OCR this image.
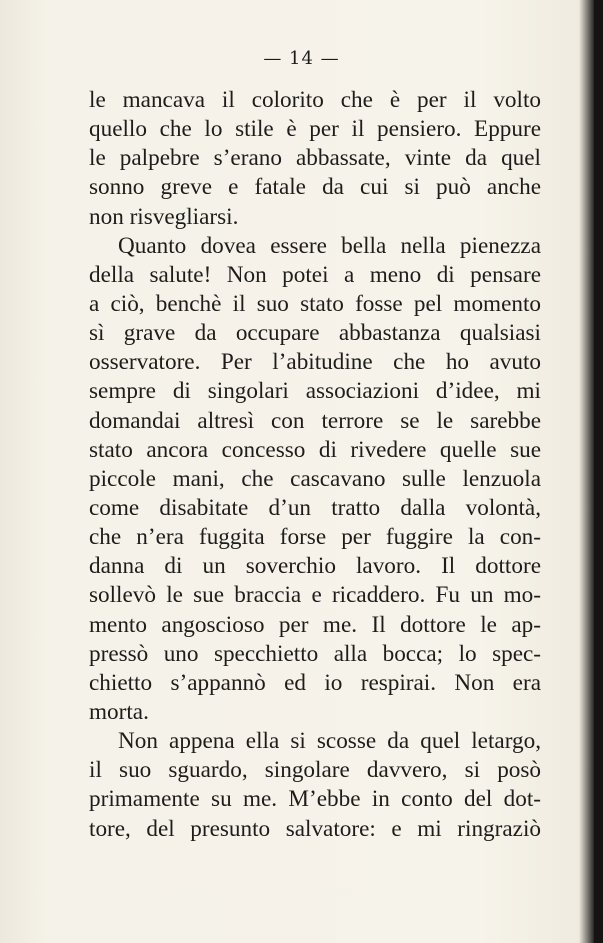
— 14 —
le mancava il colorito che è per il volto
quello che lo stile è per il pensiero. Eppure
le palpebre s’erano abbassate, vinte da quel
sonno greve e fatale da cui si può anche
non risvegliarsi.
Quanto dovea essere bella nella pienezza
della salute! Non potei a meno di pensare
a ciò, benchè il suo stato fosse pel momento
sì grave da occupare abbastanza qualsiasi
osservatore. Per l’abitudine che ho avuto
sempre di singolari associazioni d’idee, mi
domandai altresì con terrore se le sarebbe
stato ancora concesso di rivedere quelle sue
piccole mani, che cascavano sulle lenzuola
come disabitate d’un tratto dalla volontà,
che n’era fuggita forse per fuggire la con-
danna di un soverchio lavoro. Il dottore
sollevò le sue braccia e ricaddero. Fu un mo-
mento angoscioso per me. Il dottore le ap-
pressò uno specchietto alla bocca; lo spec-
chietto s’appannò ed io respirai. Non era
morta.
Non appena ella si scosse da quel letargo,
il suo sguardo, singolare davvero, si posò
primamente su me. M’ebbe in conto del dot-
tore, del presunto salvatore: e mi ringraziò
